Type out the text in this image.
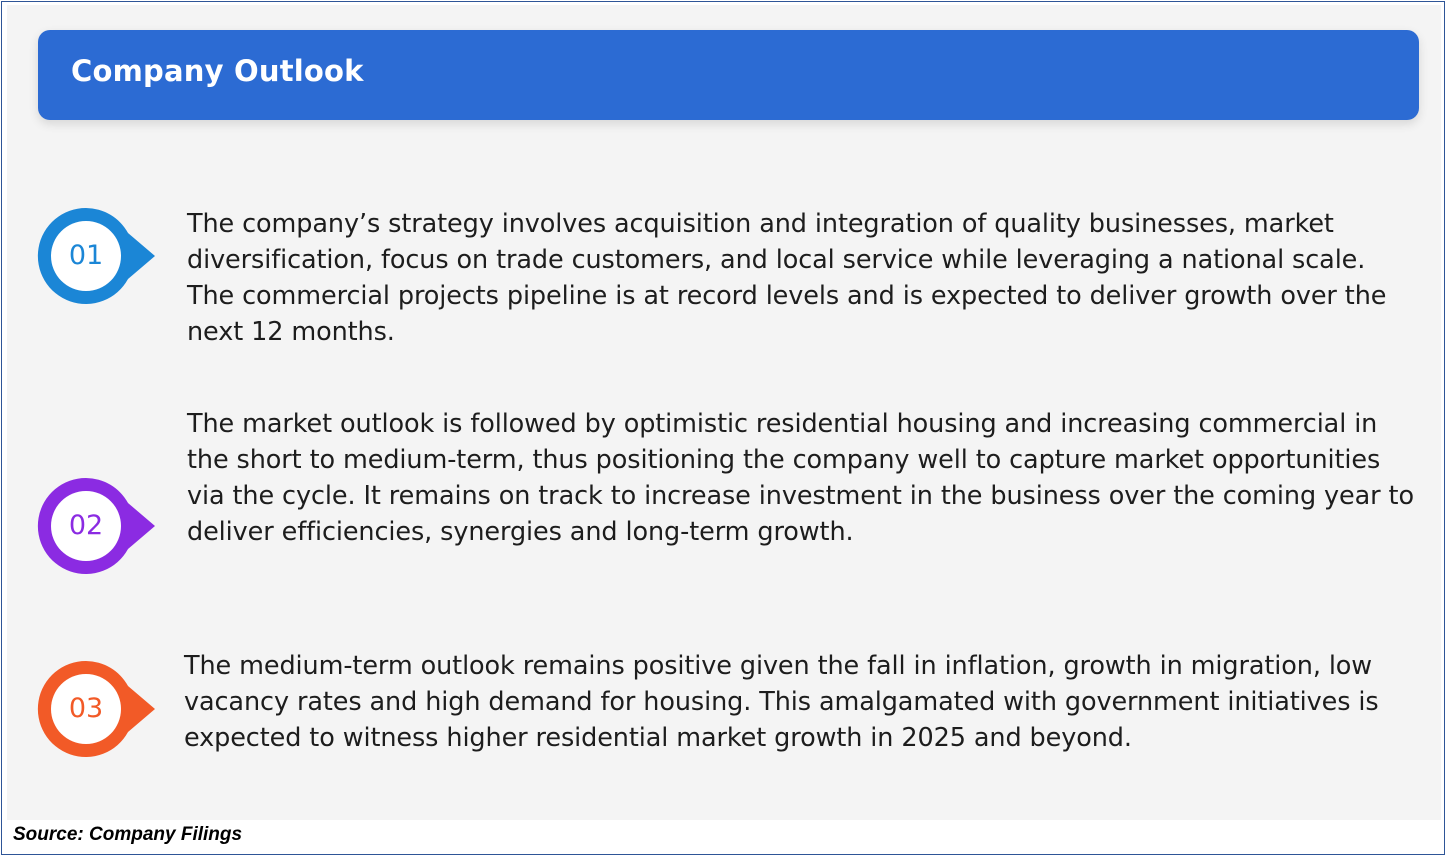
Company Outlook
01
The company’s strategy involves acquisition and integration of quality businesses, market diversification, focus on trade customers, and local service while leveraging a national scale. The commercial projects pipeline is at record levels and is expected to deliver growth over the next 12 months.
02
The market outlook is followed by optimistic residential housing and increasing commercial in the short to medium-term, thus positioning the company well to capture market opportunities via the cycle. It remains on track to increase investment in the business over the coming year to deliver efficiencies, synergies and long-term growth.
03
The medium-term outlook remains positive given the fall in inflation, growth in migration, low vacancy rates and high demand for housing. This amalgamated with government initiatives is expected to witness higher residential market growth in 2025 and beyond.
Source: Company Filings
